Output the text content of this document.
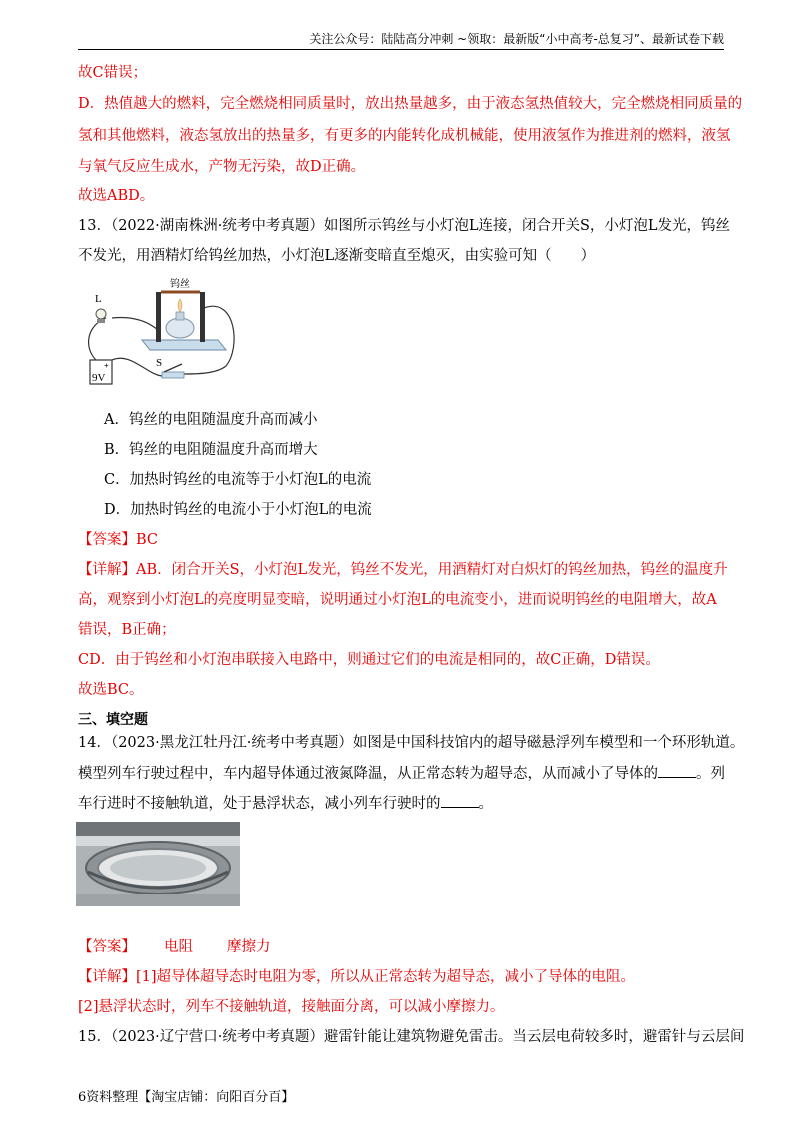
关注公众号：陆陆高分冲刺 ~领取：最新版“小中高考-总复习”、最新试卷下载
故C错误；
D．热值越大的燃料，完全燃烧相同质量时，放出热量越多，由于液态氢热值较大，完全燃烧相同质量的
氢和其他燃料，液态氢放出的热量多，有更多的内能转化成机械能，使用液氢作为推进剂的燃料，液氢
与氧气反应生成水，产物无污染，故D正确。
故选ABD。
13．（2022·湖南株洲·统考中考真题）如图所示钨丝与小灯泡L连接，闭合开关S，小灯泡L发光，钨丝
不发光，用酒精灯给钨丝加热，小灯泡L逐渐变暗直至熄灭，由实验可知（　　）
L
钨丝
+
9V
S
A．钨丝的电阻随温度升高而减小
B．钨丝的电阻随温度升高而增大
C．加热时钨丝的电流等于小灯泡L的电流
D．加热时钨丝的电流小于小灯泡L的电流
【答案】BC
【详解】AB．闭合开关S，小灯泡L发光，钨丝不发光，用酒精灯对白炽灯的钨丝加热，钨丝的温度升
高，观察到小灯泡L的亮度明显变暗，说明通过小灯泡L的电流变小，进而说明钨丝的电阻增大，故A
错误，B正确；
CD．由于钨丝和小灯泡串联接入电路中，则通过它们的电流是相同的，故C正确，D错误。
故选BC。
三、填空题
14．（2023·黑龙江牡丹江·统考中考真题）如图是中国科技馆内的超导磁悬浮列车模型和一个环形轨道。
模型列车行驶过程中，车内超导体通过液氮降温，从正常态转为超导态，从而减小了导体的	。列
车行进时不接触轨道，处于悬浮状态，减小列车行驶时的	。
【答案】 电阻 摩擦力
【详解】[1]超导体超导态时电阻为零，所以从正常态转为超导态，减小了导体的电阻。
[2]悬浮状态时，列车不接触轨道，接触面分离，可以减小摩擦力。
15．（2023·辽宁营口·统考中考真题）避雷针能让建筑物避免雷击。当云层电荷较多时，避雷针与云层间
6资料整理【淘宝店铺：向阳百分百】
